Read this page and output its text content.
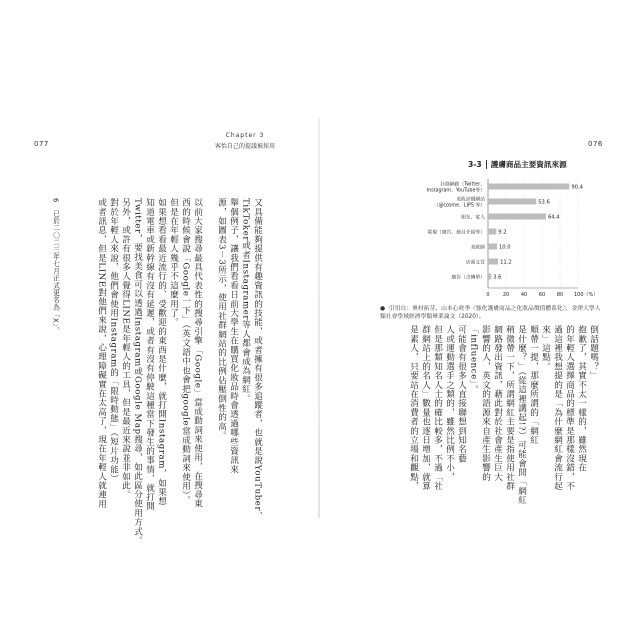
077
Chapter 3
客怡自己的提議被採用	076
又具備能夠提供有趣資訊的技能，或者擁有很多追蹤者，也就是說YouTuber、
TikToker或者Instagramer等人都會成為網紅。
舉個例子，讓我們看看日前大學生在購買化妝品時會透過哪些資訊來
源，如圖表3－3所示，使用社群網站的比例佔壓倒性的高。
以前大家搜尋最具代表性的搜尋引擎「Google」當成動詞來使用，在搜尋東
西的時候會說「Google一下」（英文語中也會把google當成動詞來使用）。
但是在年輕人幾乎不這麼用了。
如果想看看最近流行的、受歡迎的東西是什麼，就打開Instagram，如果想
知道電車或新幹線有沒有延遲，或者有沒有停駛這種當下發生的事情，就打開
Twitter，要找美食可以透過Instagram或Google Map搜尋，如此區分使用方式。
另外，或許有很多人覺得LINE是年輕人的工具，但是最近來說並非如此。
對於年輕人來說，他們會使用Instagram的「限時動態」（短片功能）
或者訊息，但是LINE對他們來說，心理障礙實在太高了，現在年輕人就連用
6　已於二〇二三年七月正式更名為「X」。
3-3 護膚商品主要資訊來源
90.4
社群網路（Twitter、
Instagram、YouTube等）
53.6
美妝評價網站
（@cosme、LIPS 等）
64.4
朋友、家人
9.2
電視（廣告、節目介紹等）
10.0
美妝師
11.2
店面文宣
3.6
廣告（含傳單）
0	20 40 60 80 100（%）
● 引用自：奧村拓芽、山本心咲季〈強化護膚商品之化妝品價值體系化〉，金澤大學人類社會學域經濟學類畢業論文（2020）。
倒話題嗎？」
抱歉了，其實不太一樣的，雖然現在
的年輕人選擇商品的標準是那樣沒錯，不
過這裡我想提的是「為什麼網紅會流行起
來」這點。
順帶一提，那麼所謂的「網紅
是什麼？」（從這裡講起!?）可能會問「網紅
稍微帶一下，所謂網紅主要是指使用社群
網路發出資訊，藉此對於社會產生巨大
影響的人，英文的語源來自產生影響的
「influence」。
可能會有很多人直接聯想到知名藝
人或運動選手之類的，雖然比例不小，
但是那類知名人士的確比較多，不過「社
群網站上的名人」數量也逐日增加，就算
是素人，只要站在消費者的立場和觀點，
